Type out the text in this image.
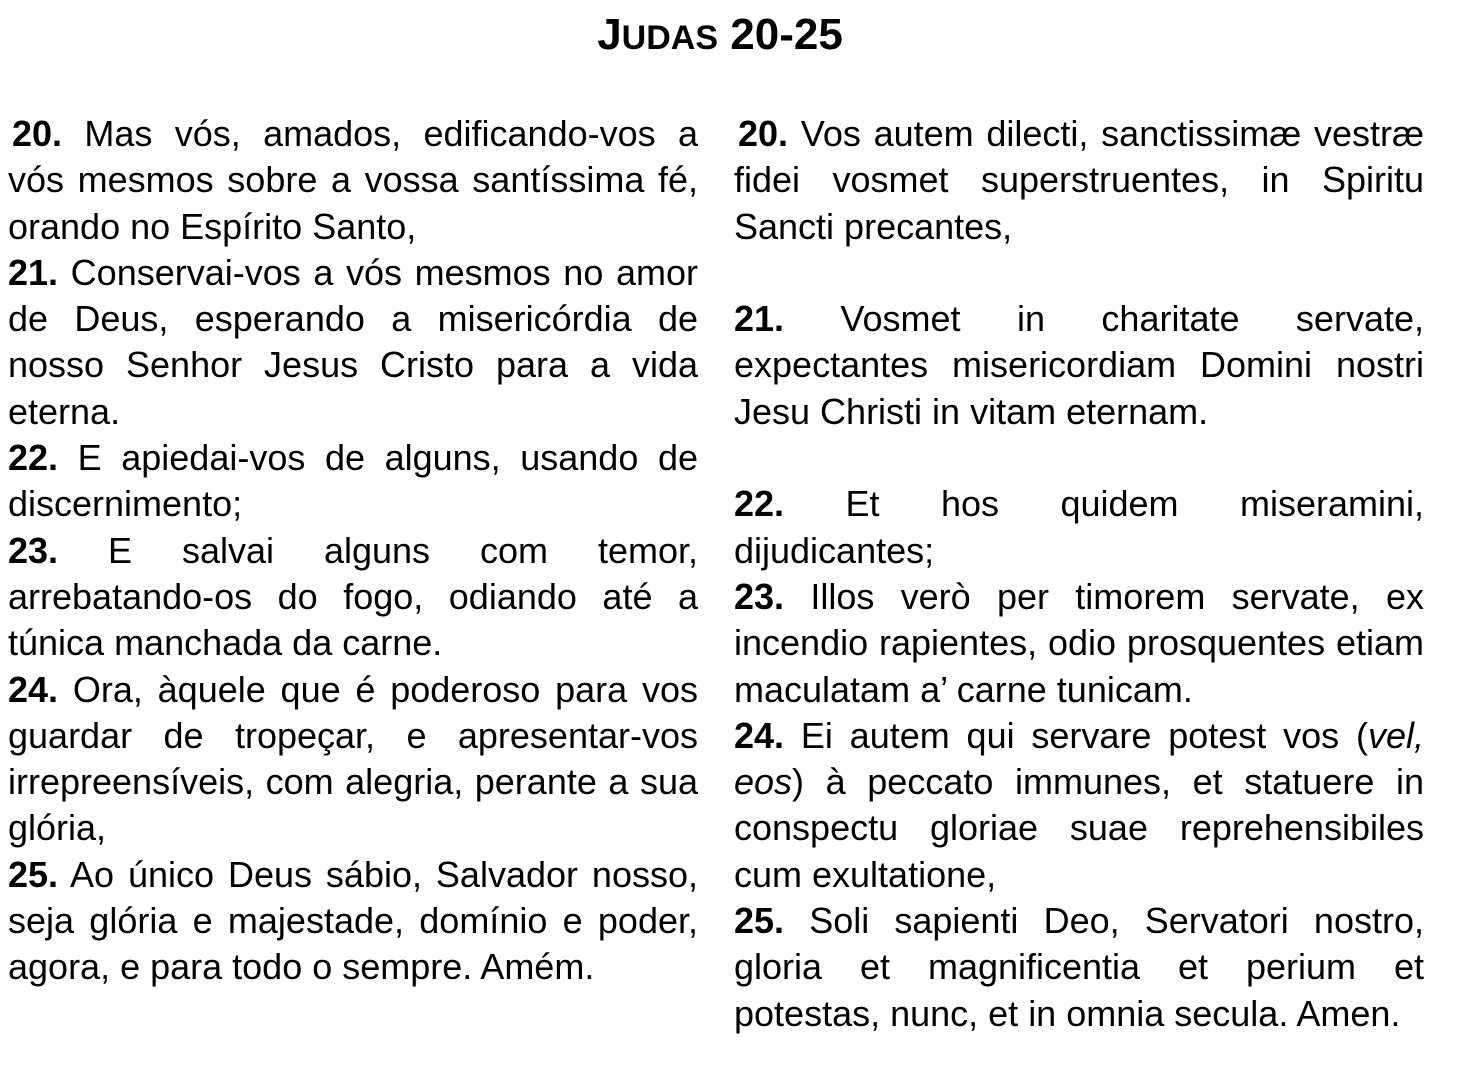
JUDAS 20-25

20. Mas vós, amados, edificando-vos a vós mesmos sobre a vossa santíssima fé, orando no Espírito Santo,

21. Conservai-vos a vós mesmos no amor de Deus, esperando a misericórdia de nosso Senhor Jesus Cristo para a vida eterna.

22. E apiedai-vos de alguns, usando de discernimento;

23. E salvai alguns com temor, arrebatando-os do fogo, odiando até a túnica manchada da carne.

24. Ora, àquele que é poderoso para vos guardar de tropeçar, e apresentar-vos irrepreensíveis, com alegria, perante a sua glória,

25. Ao único Deus sábio, Salvador nosso, seja glória e majestade, domínio e poder, agora, e para todo o sempre. Amém.

20. Vos autem dilecti, sanctissimæ vestræ fidei vosmet superstruentes, in Spiritu Sancti precantes,

21. Vosmet in charitate servate, expectantes misericordiam Domini nostri Jesu Christi in vitam eternam.

22. Et hos quidem miseramini, dijudicantes;

23. Illos verò per timorem servate, ex incendio rapientes, odio prosquentes etiam maculatam a’ carne tunicam.

24. Ei autem qui servare potest vos (vel, eos) à peccato immunes, et statuere in conspectu gloriae suae reprehensibiles cum exultatione,

25. Soli sapienti Deo, Servatori nostro, gloria et magnificentia et perium et potestas, nunc, et in omnia secula. Amen.
